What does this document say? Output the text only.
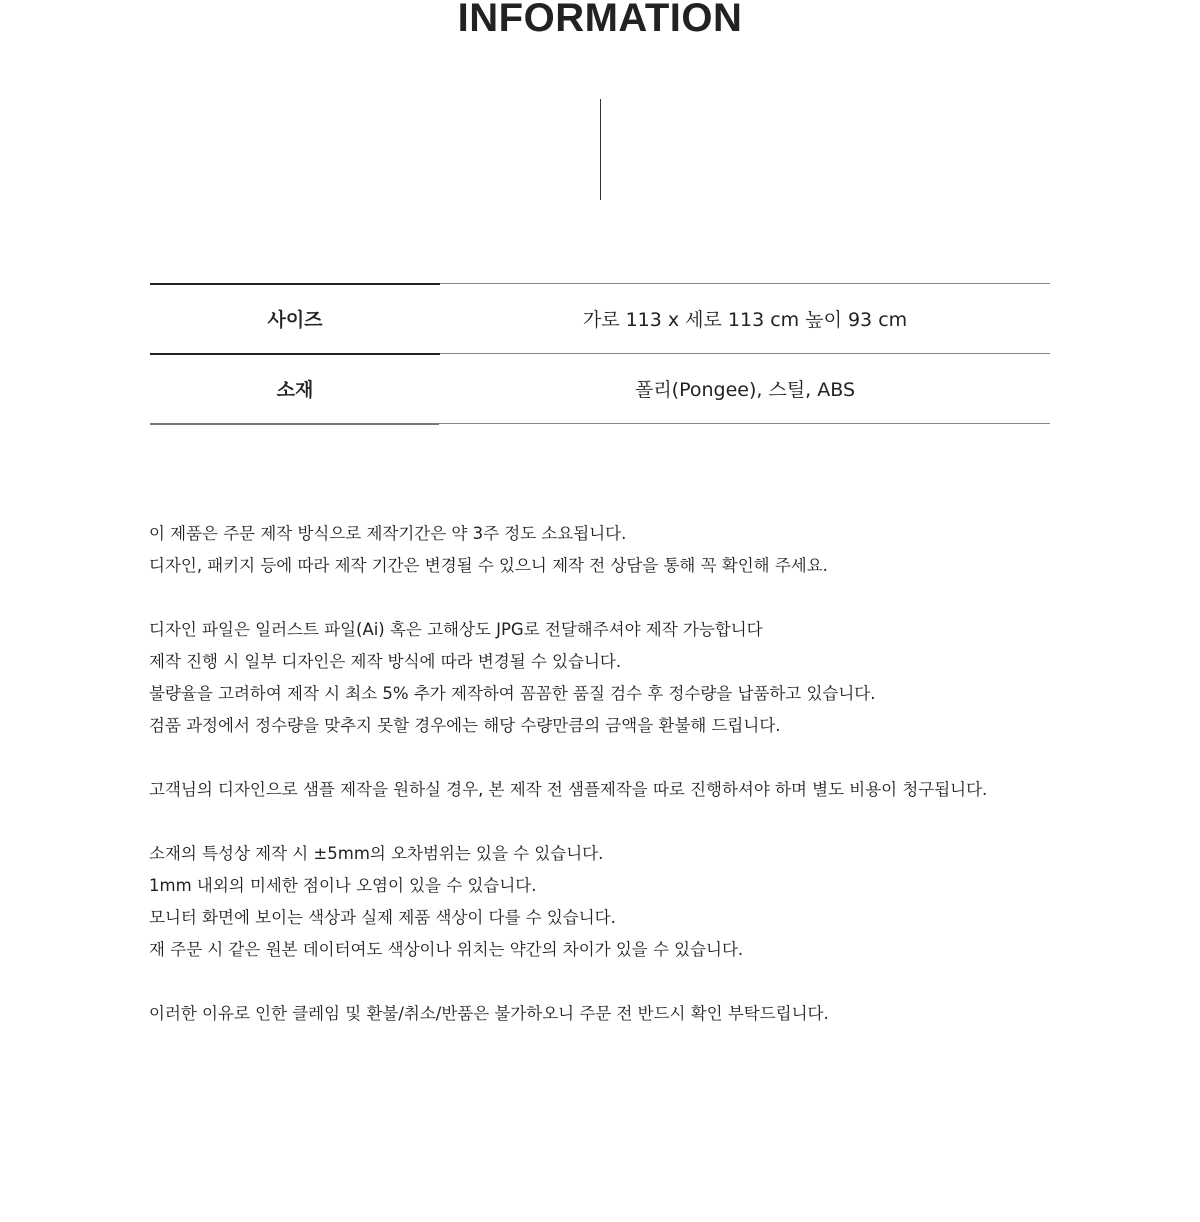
INFORMATION
사이즈	가로 113 x 세로 113 cm 높이 93 cm
소재	폴리(Pongee), 스틸, ABS
이 제품은 주문 제작 방식으로 제작기간은 약 3주 정도 소요됩니다.
디자인, 패키지 등에 따라 제작 기간은 변경될 수 있으니 제작 전 상담을 통해 꼭 확인해 주세요.
디자인 파일은 일러스트 파일(Ai) 혹은 고해상도 JPG로 전달해주셔야 제작 가능합니다
제작 진행 시 일부 디자인은 제작 방식에 따라 변경될 수 있습니다.
불량율을 고려하여 제작 시 최소 5% 추가 제작하여 꼼꼼한 품질 검수 후 정수량을 납품하고 있습니다.
검품 과정에서 정수량을 맞추지 못할 경우에는 해당 수량만큼의 금액을 환불해 드립니다.
고객님의 디자인으로 샘플 제작을 원하실 경우, 본 제작 전 샘플제작을 따로 진행하셔야 하며 별도 비용이 청구됩니다.
소재의 특성상 제작 시 ±5mm의 오차범위는 있을 수 있습니다.
1mm 내외의 미세한 점이나 오염이 있을 수 있습니다.
모니터 화면에 보이는 색상과 실제 제품 색상이 다를 수 있습니다.
재 주문 시 같은 원본 데이터여도 색상이나 위치는 약간의 차이가 있을 수 있습니다.
이러한 이유로 인한 클레임 및 환불/취소/반품은 불가하오니 주문 전 반드시 확인 부탁드립니다.
